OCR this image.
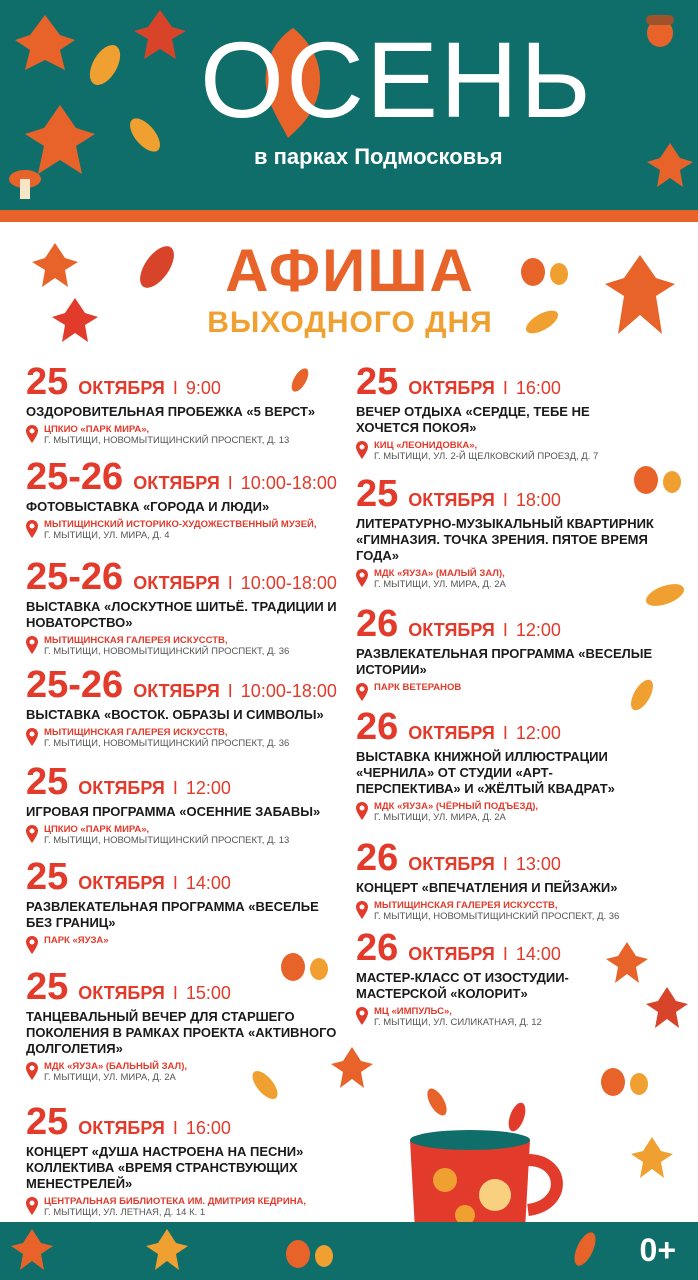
ОСЕНЬ
в парках Подмосковья
АФИША
ВЫХОДНОГО ДНЯ
25 ОКТЯБРЯ I 9:00
ОЗДОРОВИТЕЛЬНАЯ ПРОБЕЖКА «5 ВЕРСТ»
ЦПКИО «ПАРК МИРА»,
Г. МЫТИЩИ, НОВОМЫТИЩИНСКИЙ ПРОСПЕКТ, Д. 13
25-26 ОКТЯБРЯ I 10:00-18:00
ФОТОВЫСТАВКА «ГОРОДА И ЛЮДИ»
МЫТИЩИНСКИЙ ИСТОРИКО-ХУДОЖЕСТВЕННЫЙ МУЗЕЙ,
Г. МЫТИЩИ, УЛ. МИРА, Д. 4
25-26 ОКТЯБРЯ I 10:00-18:00
ВЫСТАВКА «ЛОСКУТНОЕ ШИТЬЁ. ТРАДИЦИИ И НОВАТОРСТВО»
МЫТИЩИНСКАЯ ГАЛЕРЕЯ ИСКУССТВ,
Г. МЫТИЩИ, НОВОМЫТИЩИНСКИЙ ПРОСПЕКТ, Д. 36
25-26 ОКТЯБРЯ I 10:00-18:00
ВЫСТАВКА «ВОСТОК. ОБРАЗЫ И СИМВОЛЫ»
МЫТИЩИНСКАЯ ГАЛЕРЕЯ ИСКУССТВ,
Г. МЫТИЩИ, НОВОМЫТИЩИНСКИЙ ПРОСПЕКТ, Д. 36
25 ОКТЯБРЯ I 12:00
ИГРОВАЯ ПРОГРАММА «ОСЕННИЕ ЗАБАВЫ»
ЦПКИО «ПАРК МИРА»,
Г. МЫТИЩИ, НОВОМЫТИЩИНСКИЙ ПРОСПЕКТ, Д. 13
25 ОКТЯБРЯ I 14:00
РАЗВЛЕКАТЕЛЬНАЯ ПРОГРАММА «ВЕСЕЛЬЕ БЕЗ ГРАНИЦ»
ПАРК «ЯУЗА»
25 ОКТЯБРЯ I 15:00
ТАНЦЕВАЛЬНЫЙ ВЕЧЕР ДЛЯ СТАРШЕГО ПОКОЛЕНИЯ В РАМКАХ ПРОЕКТА «АКТИВНОГО ДОЛГОЛЕТИЯ»
МДК «ЯУЗА» (БАЛЬНЫЙ ЗАЛ),
Г. МЫТИЩИ, УЛ. МИРА, Д. 2А
25 ОКТЯБРЯ I 16:00
КОНЦЕРТ «ДУША НАСТРОЕНА НА ПЕСНИ» КОЛЛЕКТИВА «ВРЕМЯ СТРАНСТВУЮЩИХ МЕНЕСТРЕЛЕЙ»
ЦЕНТРАЛЬНАЯ БИБЛИОТЕКА ИМ. ДМИТРИЯ КЕДРИНА,
Г. МЫТИЩИ, УЛ. ЛЕТНАЯ, Д. 14 К. 1
25 ОКТЯБРЯ I 16:00
ВЕЧЕР ОТДЫХА «СЕРДЦЕ, ТЕБЕ НЕ ХОЧЕТСЯ ПОКОЯ»
КИЦ «ЛЕОНИДОВКА»,
Г. МЫТИЩИ, УЛ. 2-Й ЩЕЛКОВСКИЙ ПРОЕЗД, Д. 7
25 ОКТЯБРЯ I 18:00
ЛИТЕРАТУРНО-МУЗЫКАЛЬНЫЙ КВАРТИРНИК «ГИМНАЗИЯ. ТОЧКА ЗРЕНИЯ. ПЯТОЕ ВРЕМЯ ГОДА»
МДК «ЯУЗА» (МАЛЫЙ ЗАЛ),
Г. МЫТИЩИ, УЛ. МИРА, Д. 2А
26 ОКТЯБРЯ I 12:00
РАЗВЛЕКАТЕЛЬНАЯ ПРОГРАММА «ВЕСЕЛЫЕ ИСТОРИИ»
ПАРК ВЕТЕРАНОВ
26 ОКТЯБРЯ I 12:00
ВЫСТАВКА КНИЖНОЙ ИЛЛЮСТРАЦИИ «ЧЕРНИЛА» ОТ СТУДИИ «АРТ-ПЕРСПЕКТИВА» И «ЖЁЛТЫЙ КВАДРАТ»
МДК «ЯУЗА» (ЧЁРНЫЙ ПОДЪЕЗД),
Г. МЫТИЩИ, УЛ. МИРА, Д. 2А
26 ОКТЯБРЯ I 13:00
КОНЦЕРТ «ВПЕЧАТЛЕНИЯ И ПЕЙЗАЖИ»
МЫТИЩИНСКАЯ ГАЛЕРЕЯ ИСКУССТВ,
Г. МЫТИЩИ, НОВОМЫТИЩИНСКИЙ ПРОСПЕКТ, Д. 36
26 ОКТЯБРЯ I 14:00
МАСТЕР-КЛАСС ОТ ИЗОСТУДИИ-МАСТЕРСКОЙ «КОЛОРИТ»
МЦ «ИМПУЛЬС»,
Г. МЫТИЩИ, УЛ. СИЛИКАТНАЯ, Д. 12
0+
